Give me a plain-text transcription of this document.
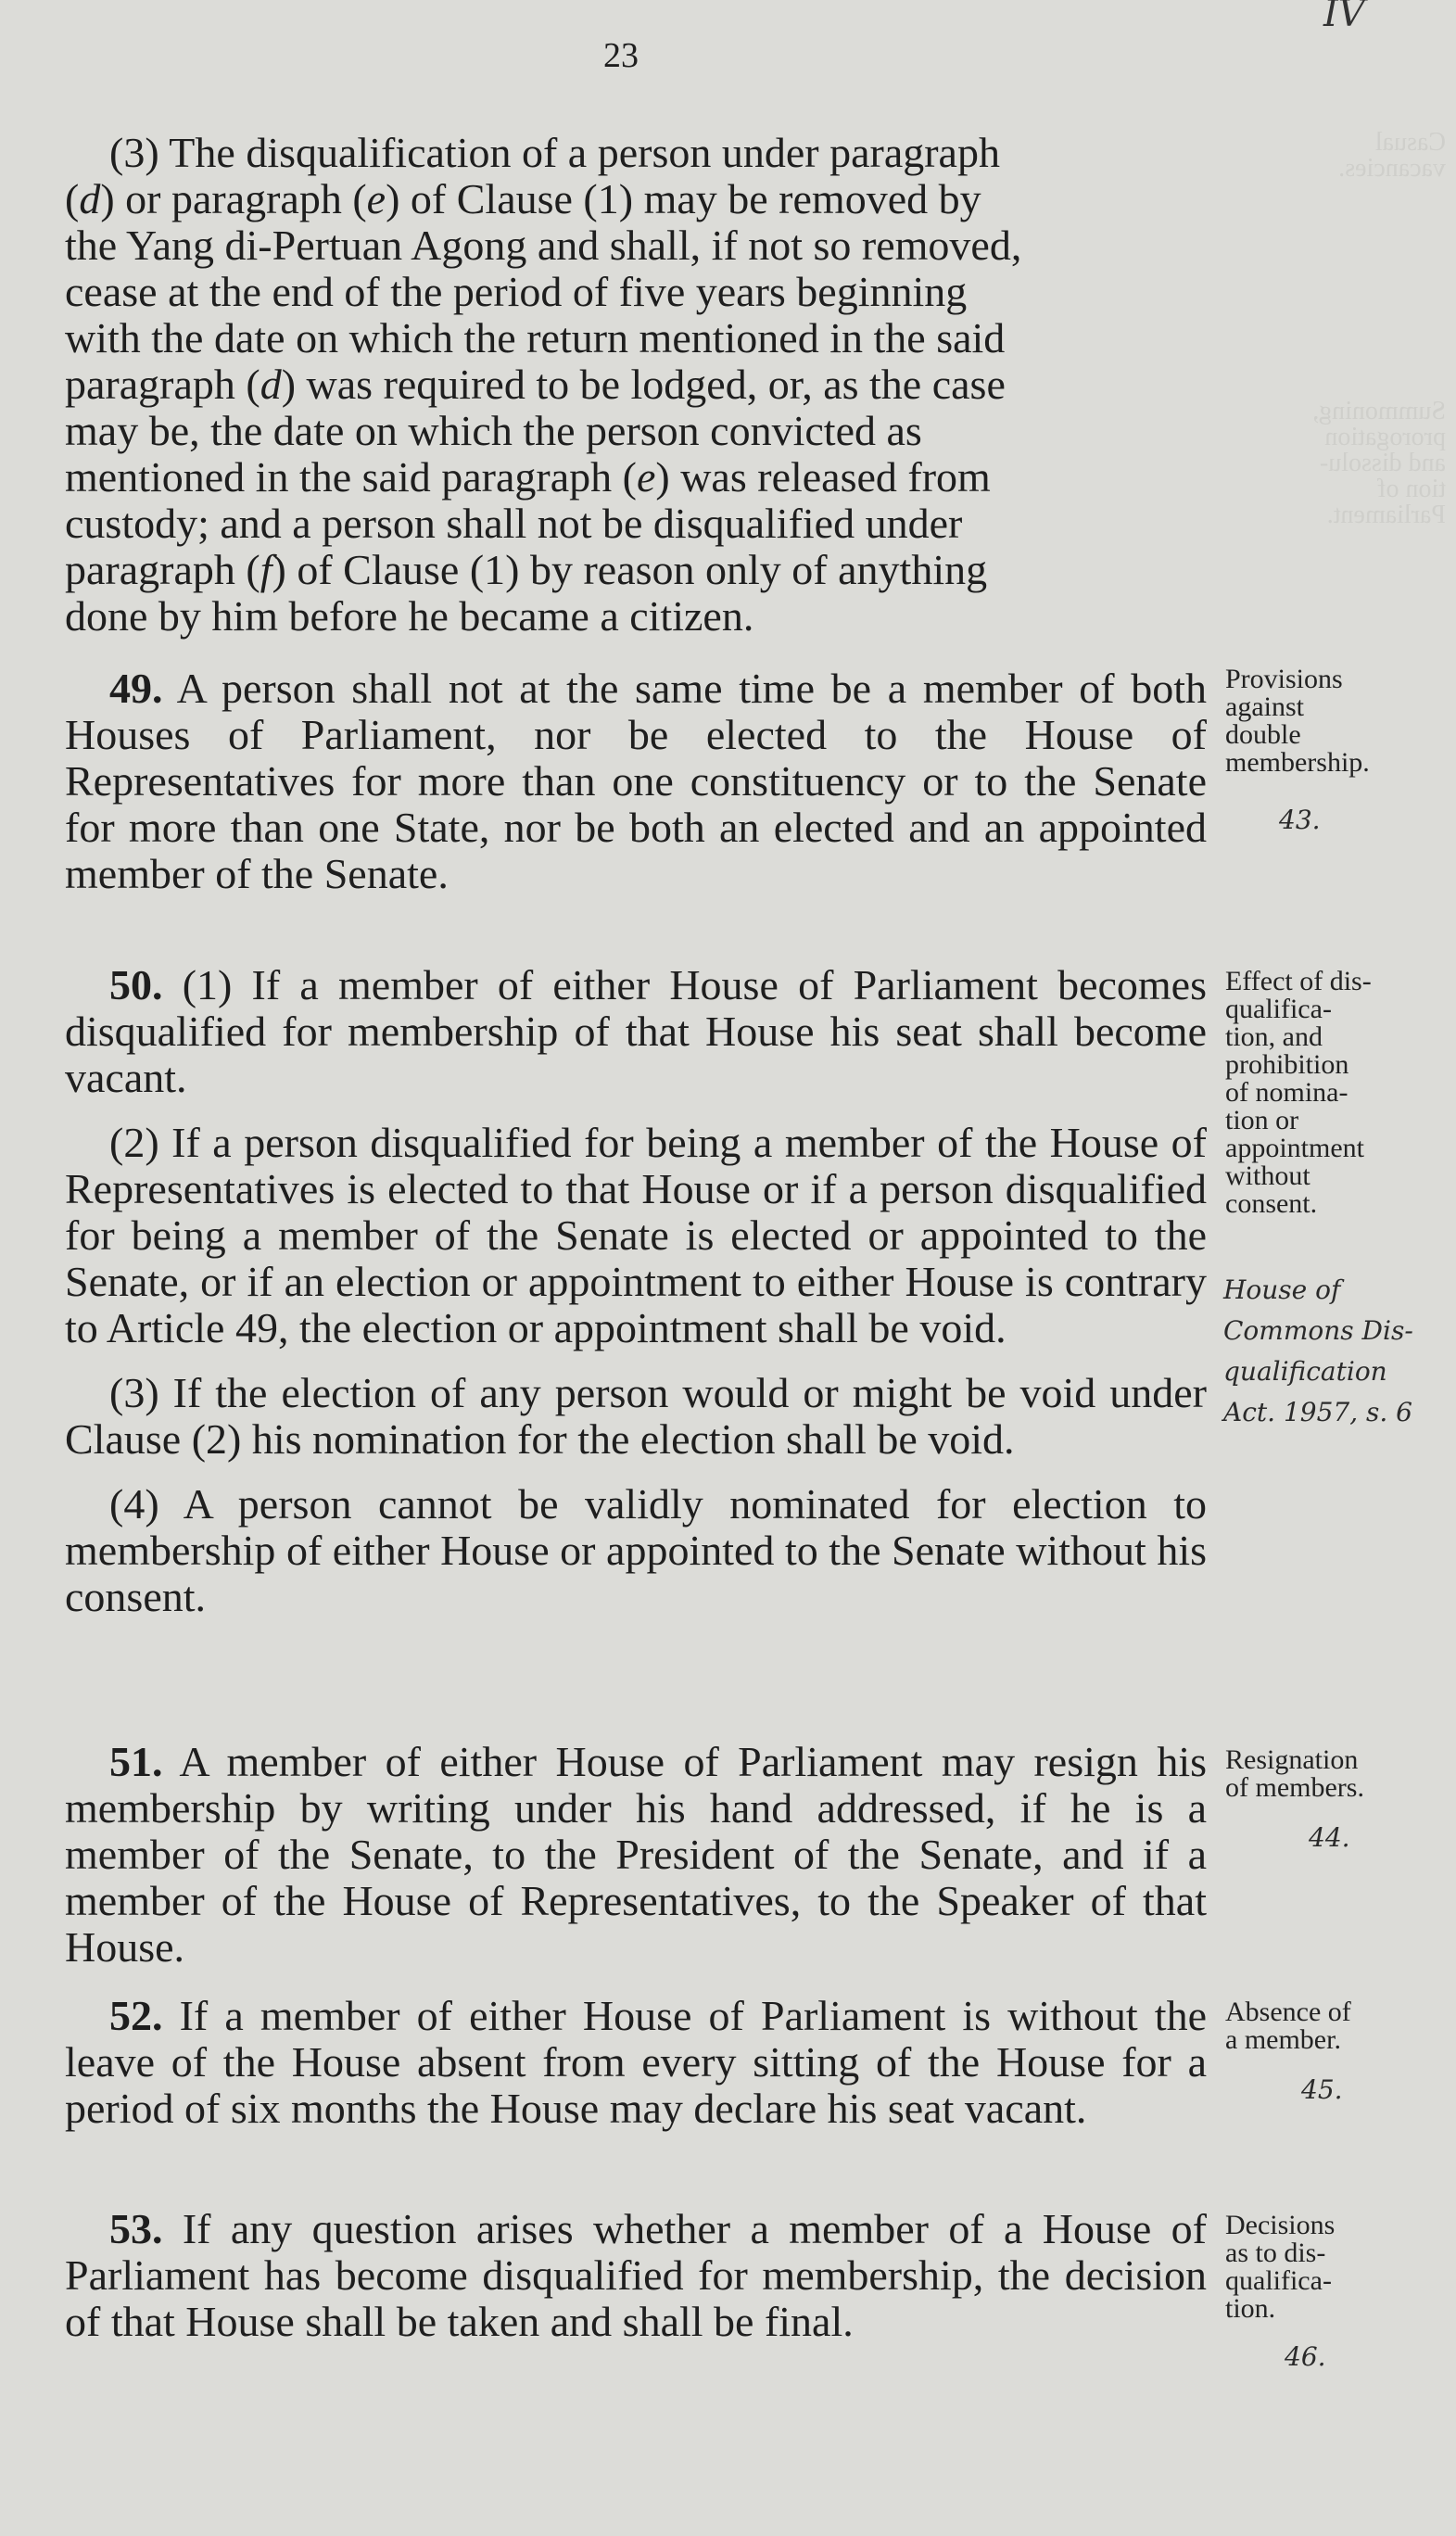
23
IV
Casual
vacancies.
Summoning,
prorogation
and dissolu-
tion of
Parliament.
(3) The disqualification of a person under paragraph
(d) or paragraph (e) of Clause (1) may be removed by
the Yang di-Pertuan Agong and shall, if not so removed,
cease at the end of the period of five years beginning
with the date on which the return mentioned in the said
paragraph (d) was required to be lodged, or, as the case
may be, the date on which the person convicted as
mentioned in the said paragraph (e) was released from
custody; and a person shall not be disqualified under
paragraph (f) of Clause (1) by reason only of anything
done by him before he became a citizen.

49. A person shall not at the same time be a member of both Houses of Parliament, nor be elected to the House of Representatives for more than one constituency or to the Senate for more than one State, nor be both an elected and an appointed member of the Senate.

Provisions
against
double
membership.
43.

50. (1) If a member of either House of Parliament becomes disqualified for membership of that House his seat shall become vacant.

(2) If a person disqualified for being a member of the House of Representatives is elected to that House or if a person disqualified for being a member of the Senate is elected or appointed to the Senate, or if an election or appointment to either House is contrary to Article 49, the election or appointment shall be void.

(3) If the election of any person would or might be void under Clause (2) his nomination for the election shall be void.

(4) A person cannot be validly nominated for election to membership of either House or appointed to the Senate without his consent.

Effect of dis-
qualifica-
tion, and
prohibition
of nomina-
tion or
appointment
without
consent.
House of
Commons Dis-
qualification
Act. 1957, s. 6

51. A member of either House of Parliament may resign his membership by writing under his hand addressed, if he is a member of the Senate, to the President of the Senate, and if a member of the House of Representatives, to the Speaker of that House.

Resignation
of members.
44.

52. If a member of either House of Parliament is without the leave of the House absent from every sitting of the House for a period of six months the House may declare his seat vacant.

Absence of
a member.
45.

53. If any question arises whether a member of a House of Parliament has become disqualified for membership, the decision of that House shall be taken and shall be final.

Decisions
as to dis-
qualifica-
tion.
46.
